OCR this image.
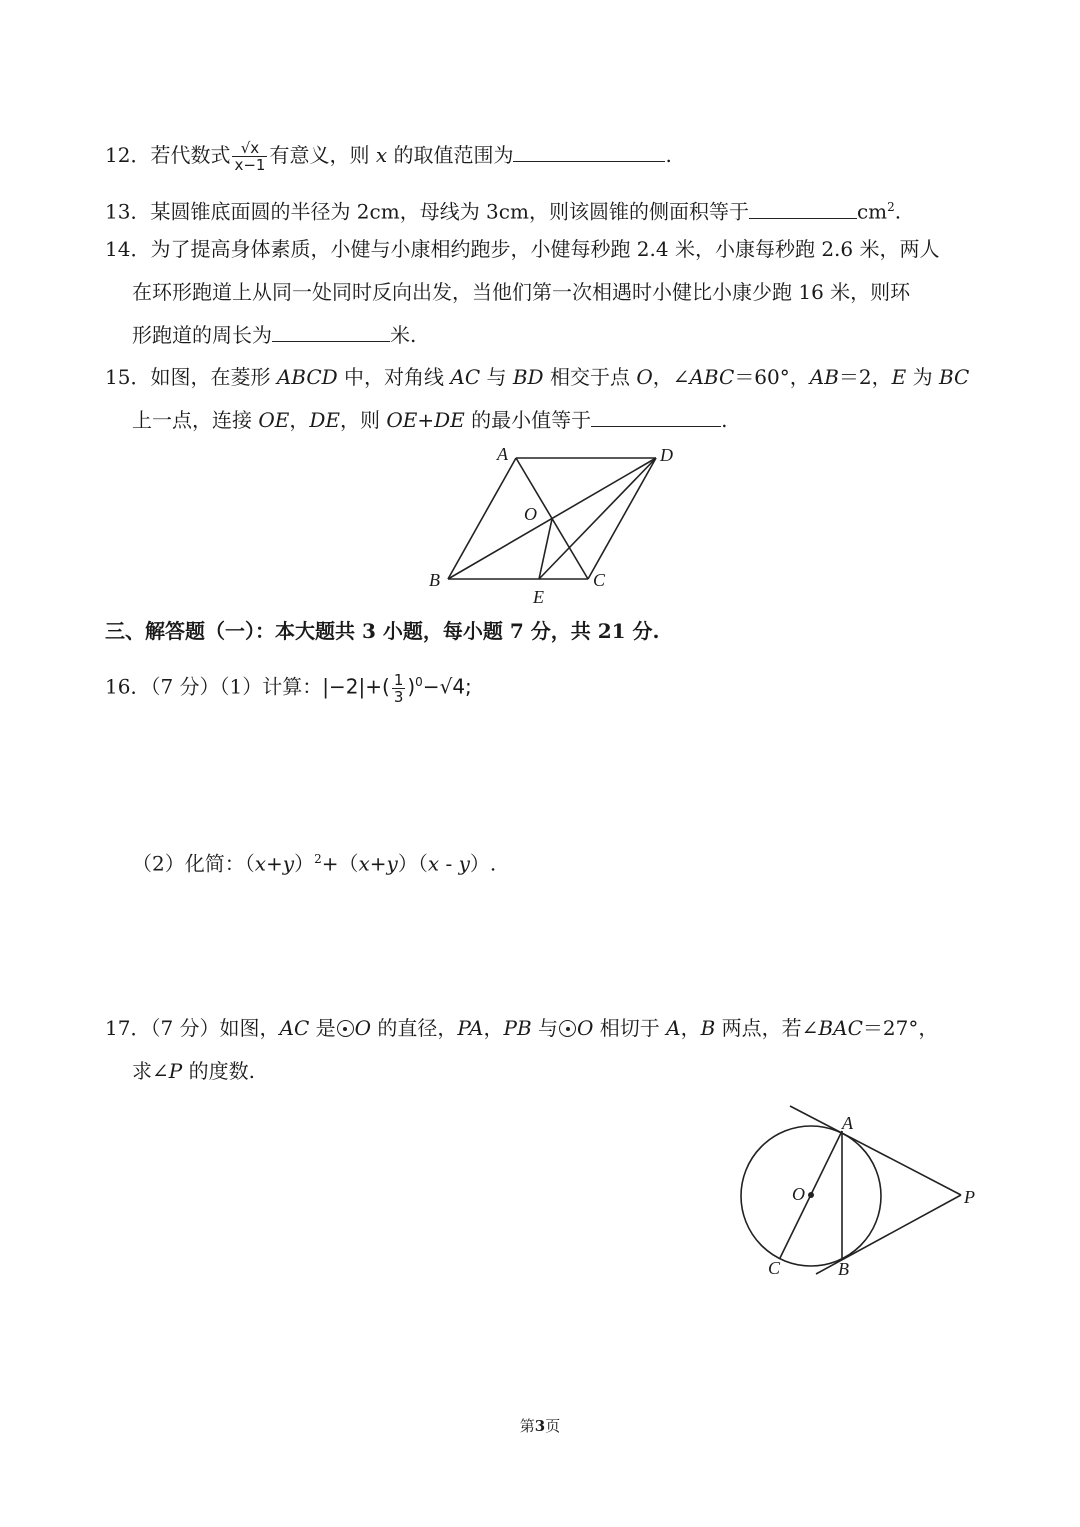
12．若代数式 $\frac{√x}{x-1}$ 有意义，则 x 的取值范围为	.
13．某圆锥底面圆的半径为 2cm，母线为 3cm，则该圆锥的侧面积等于	$cm^2$.
14．为了提高身体素质，小健与小康相约跑步，小健每秒跑 2.4 米，小康每秒跑 2.6 米，两人
在环形跑道上从同一处同时反向出发，当他们第一次相遇时小健比小康少跑 16 米，则环
形跑道的周长为	米.
15．如图，在菱形 ABCD 中，对角线 AC 与 BD 相交于点 O，∠ABC＝60°，AB＝2，E 为 BC
上一点，连接 OE，DE，则 OE+DE 的最小值等于	.
A	D
O
B	C
E
三、解答题（一）：本大题共 3 小题，每小题 7 分，共 21 分.
16．（7 分）（1）计算：$|-2|+( \frac{1}{3} )^0-√4$;
（2）化简：$(x+y)^2+(x+y)(x - y)$.
17．（7 分）如图，AC 是 O 的直径，PA，PB 与 O 相切于 A，B 两点，若∠BAC＝27°，
求∠P 的度数.
A
O	P
C	B
第3页
